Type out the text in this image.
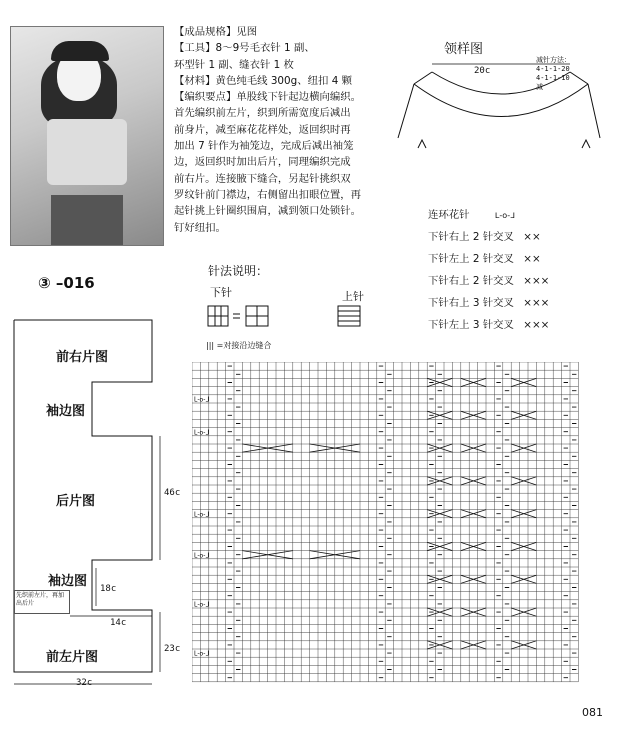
【成品规格】见图

【工具】8～9号毛衣针 1 副、

环型针 1 副、缝衣针 1 枚

【材料】黄色纯毛线 300g、纽扣 4 颗

【编织要点】单股线下针起边横向编织。

首先编织前左片，织到所需宽度后减出

前身片，减至麻花花样处，返回织时再

加出 7 针作为袖笼边，完成后减出袖笼

边，返回织时加出后片，同理编织完成

前右片。连接腋下缝合，另起针挑织双

罗纹针前门襟边，右侧留出扣眼位置，再

起针挑上针圈织围肩，减到领口处锁针。

钉好纽扣。

领样图
20c
减针方法：
4-1-1-20
4-1-1-10
减
连环花针	ᒪ-o-ᒧ
下针右上 2 针交叉 ⨯⨯
下针左上 2 针交叉 ⨯⨯
下针右上 2 针交叉 ⨯⨯⨯
下针右上 3 针交叉 ⨯⨯⨯
下针左上 3 针交叉 ⨯⨯⨯
针法说明：
下针	上针
||| =对接沿边缝合
③ –016
前右片图
袖边图
后片图
袖边图
前左片图
46c
18c
14c
23c
32c
先织前左片，再加出后片
ᒪ-o-ᒧ
ᒪ-o-ᒧ
ᒪ-o-ᒧ
ᒪ-o-ᒧ
ᒪ-o-ᒧ
ᒪ-o-ᒧ
081
